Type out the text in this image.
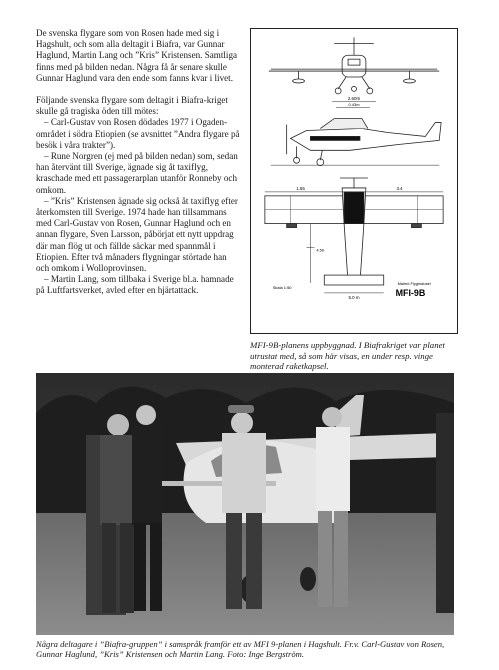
De svenska flygare som von Rosen hade med sig i Hagshult, och som alla deltagit i Biafra, var Gunnar Haglund, Martin Lang och ”Kris” Kristensen. Samtliga finns med på bilden nedan. Några få år senare skulle Gunnar Haglund vara den ende som fanns kvar i livet.

Följande svenska flygare som deltagit i Biafra-kriget skulle gå tragiska öden till mötes:

– Carl-Gustav von Rosen dödades 1977 i Ogaden-området i södra Etiopien (se avsnittet ”Andra flygare på besök i våra trakter”).

– Rune Norgren (ej med på bilden nedan) som, sedan han återvänt till Sverige, ägnade sig åt taxiflyg, kraschade med ett passagerarplan utanför Ronneby och omkom.

– ”Kris” Kristensen ägnade sig också åt taxiflyg efter återkomsten till Sverige. 1974 hade han tillsammans med Carl-Gustav von Rosen, Gunnar Haglund och en annan flygare, Sven Larsson, påbörjat ett nytt uppdrag där man flög ut och fällde säckar med spannmål i Etiopien. Efter två månaders flygningar störtade han och omkom i Wolloprovinsen.

– Martin Lang, som tillbaka i Sverige bl.a. hamnade på Luftfartsverket, avled efter en hjärtattack.

2.60m
0.43m
1.65	3.4
4.50
5.0 m
Skala 1:50
Malmö Flygindustri
MFI-9B
MFI-9B-planens uppbyggnad. I Biafrakriget var planet utrustat med, så som här visas, en under resp. vinge monterad raketkapsel.
Några deltagare i ”Biafra-gruppen” i samspråk framför ett av MFI 9-planen i Hagshult. Fr.v. Carl-Gustav von Rosen, Gunnar Haglund, ”Kris” Kristensen och Martin Lang. Foto: Inge Bergström.
